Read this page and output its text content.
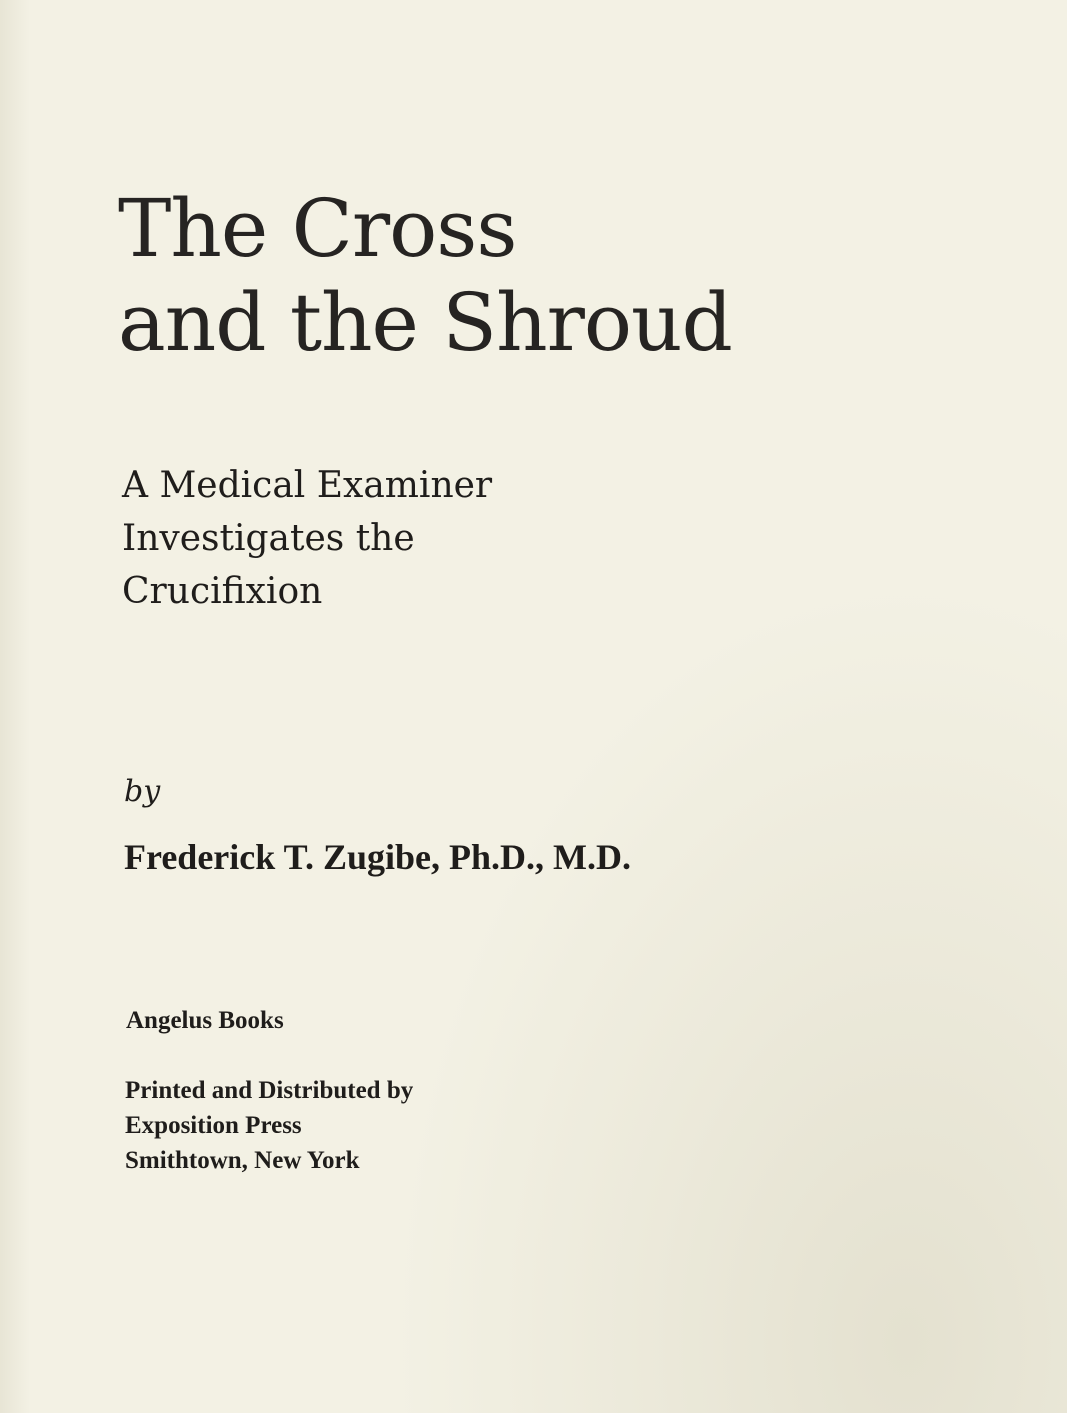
The Cross
and the Shroud
A Medical Examiner
Investigates the
Crucifixion
by
Frederick T. Zugibe, Ph.D., M.D.
Angelus Books
Printed and Distributed by
Exposition Press
Smithtown, New York
